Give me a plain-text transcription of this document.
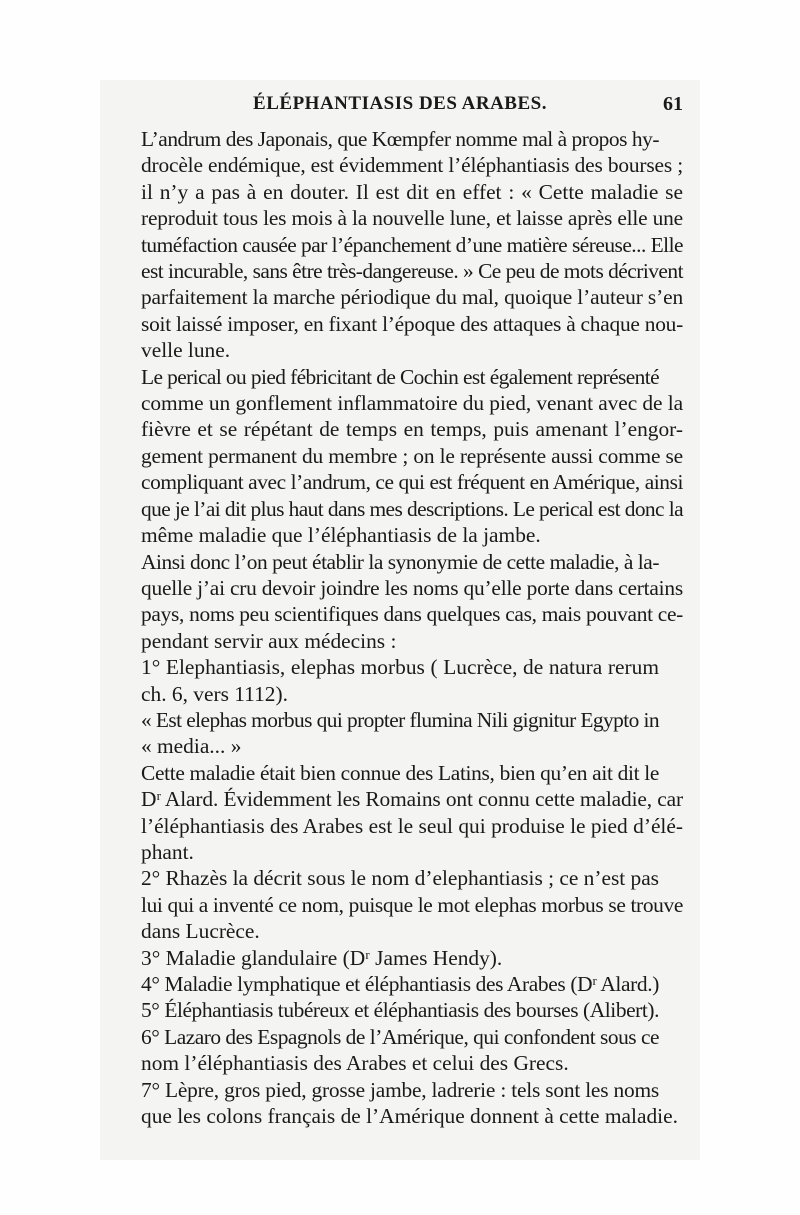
ÉLÉPHANTIASIS DES ARABES.	61

L’andrum des Japonais, que Kœmpfer nomme mal à propos hy-
drocèle endémique, est évidemment l’éléphantiasis des bourses ;
il n’y a pas à en douter. Il est dit en effet : « Cette maladie se
reproduit tous les mois à la nouvelle lune, et laisse après elle une
tuméfaction causée par l’épanchement d’une matière séreuse... Elle
est incurable, sans être très-dangereuse. » Ce peu de mots décrivent
parfaitement la marche périodique du mal, quoique l’auteur s’en
soit laissé imposer, en fixant l’époque des attaques à chaque nou-
velle lune.

Le perical ou pied fébricitant de Cochin est également représenté
comme un gonflement inflammatoire du pied, venant avec de la
fièvre et se répétant de temps en temps, puis amenant l’engor-
gement permanent du membre ; on le représente aussi comme se
compliquant avec l’andrum, ce qui est fréquent en Amérique, ainsi
que je l’ai dit plus haut dans mes descriptions. Le perical est donc la
même maladie que l’éléphantiasis de la jambe.

Ainsi donc l’on peut établir la synonymie de cette maladie, à la-
quelle j’ai cru devoir joindre les noms qu’elle porte dans certains
pays, noms peu scientifiques dans quelques cas, mais pouvant ce-
pendant servir aux médecins :

1° Elephantiasis, elephas morbus ( Lucrèce, de natura rerum
ch. 6, vers 1112).

« Est elephas morbus qui propter flumina Nili gignitur Egypto in
« media... »

Cette maladie était bien connue des Latins, bien qu’en ait dit le
Dʳ Alard. Évidemment les Romains ont connu cette maladie, car
l’éléphantiasis des Arabes est le seul qui produise le pied d’élé-
phant.

2° Rhazès la décrit sous le nom d’elephantiasis ; ce n’est pas
lui qui a inventé ce nom, puisque le mot elephas morbus se trouve
dans Lucrèce.

3° Maladie glandulaire (Dʳ James Hendy).

4° Maladie lymphatique et éléphantiasis des Arabes (Dʳ Alard.)

5° Éléphantiasis tubéreux et éléphantiasis des bourses (Alibert).

6° Lazaro des Espagnols de l’Amérique, qui confondent sous ce
nom l’éléphantiasis des Arabes et celui des Grecs.

7° Lèpre, gros pied, grosse jambe, ladrerie : tels sont les noms
que les colons français de l’Amérique donnent à cette maladie.
